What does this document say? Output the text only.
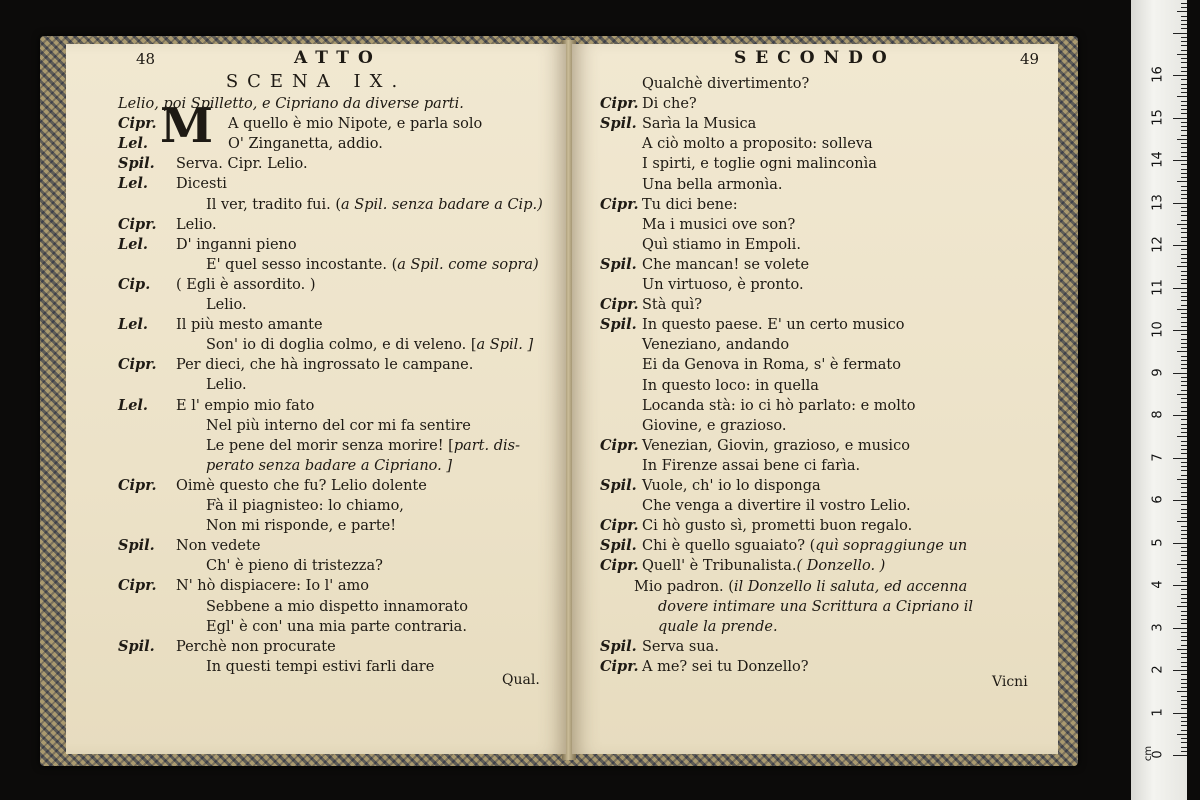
48	ATTO
SCENA IX.
M
Lelio, poi Spilletto, e Cipriano da diverse parti.
Cipr.	A quello è mio Nipote, e parla solo
Lel.	O' Zinganetta, addio.
Spil. Serva. Cipr. Lelio.
Lel. Dicesti
Il ver, tradito fui. (a Spil. senza badare a Cip.)
Cipr. Lelio.
Lel. D' inganni pieno
E' quel sesso incostante. (a Spil. come sopra)
Cip. ( Egli è assordito. )
Lelio.
Lel. Il più mesto amante
Son' io di doglia colmo, e di veleno. [a Spil. ]
Cipr. Per dieci, che hà ingrossato le campane.
Lelio.
Lel. E l' empio mio fato
Nel più interno del cor mi fa sentire
Le pene del morir senza morire! [part. dis-
perato senza badare a Cipriano. ]
Cipr. Oimè questo che fu? Lelio dolente
Fà il piagnisteo: lo chiamo,
Non mi risponde, e parte!
Spil. Non vedete
Ch' è pieno di tristezza?
Cipr. N' hò dispiacere: Io l' amo
Sebbene a mio dispetto innamorato
Egl' è con' una mia parte contraria.
Spil. Perchè non procurate
In questi tempi estivi farli dare
Qual.
SECONDO	49
Qualchè divertimento?
Cipr. Di che?
Spil. Sarìa la Musica
A ciò molto a proposito: solleva
I spirti, e toglie ogni malinconìa
Una bella armonìa.
Cipr. Tu dici bene:
Ma i musici ove son?
Quì stiamo in Empoli.
Spil. Che mancan! se volete
Un virtuoso, è pronto.
Cipr. Stà quì?
Spil. In questo paese. E' un certo musico
Veneziano, andando
Ei da Genova in Roma, s' è fermato
In questo loco: in quella
Locanda stà: io ci hò parlato: e molto
Giovine, e grazioso.
Cipr. Venezian, Giovin, grazioso, e musico
In Firenze assai bene ci farìa.
Spil. Vuole, ch' io lo disponga
Che venga a divertire il vostro Lelio.
Cipr. Ci hò gusto sì, prometti buon regalo.
Spil. Chi è quello sguaiato? (quì sopraggiunge un
Cipr. Quell' è Tribunalista.( Donzello. )
Mio padron. (il Donzello li saluta, ed accenna
dovere intimare una Scrittura a Cipriano il
quale la prende.
Spil. Serva sua.
Cipr. A me? sei tu Donzello?
Vicni
cm
0
1
2
3
4
5
6
7
8
9
10
11
12
13
14
15
16
